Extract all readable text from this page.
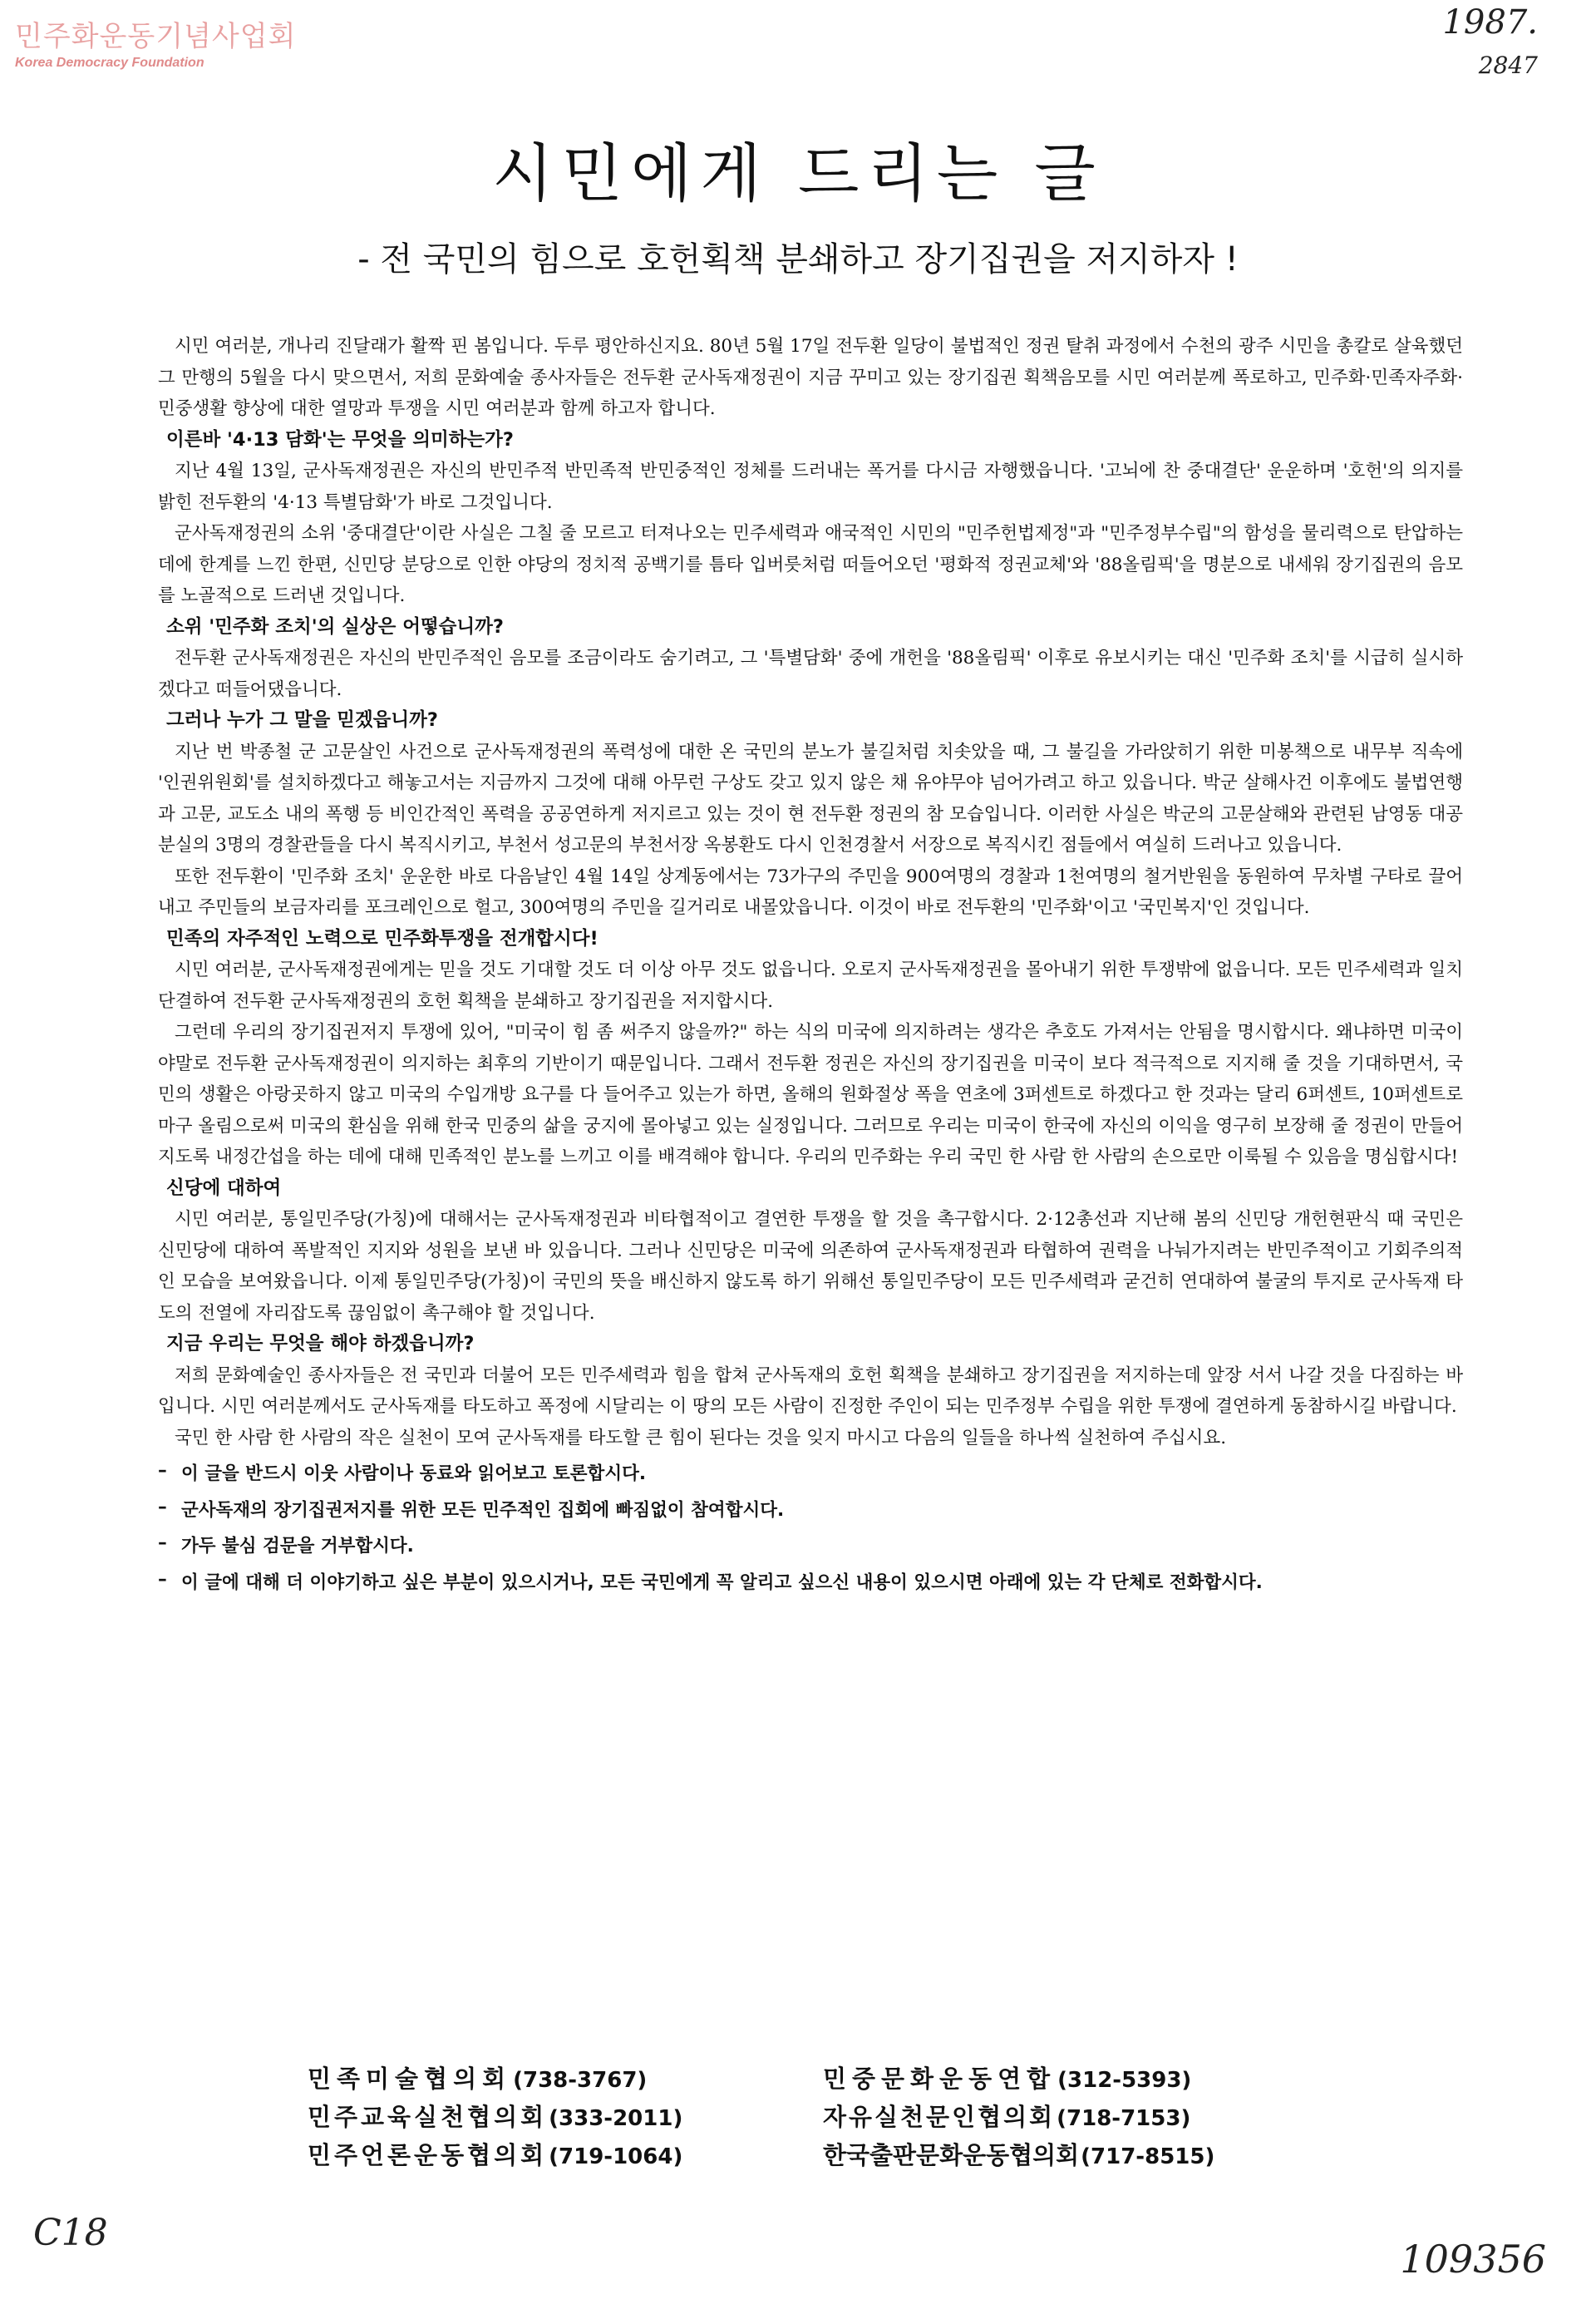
민주화운동기념사업회
Korea Democracy Foundation
1987.
2847
시민에게 드리는 글
- 전 국민의 힘으로 호헌획책 분쇄하고 장기집권을 저지하자 !

시민 여러분, 개나리 진달래가 활짝 핀 봄입니다. 두루 평안하신지요. 80년 5월 17일 전두환 일당이 불법적인 정권 탈취 과정에서 수천의 광주 시민을 총칼로 살육했던 그 만행의 5월을 다시 맞으면서, 저희 문화예술 종사자들은 전두환 군사독재정권이 지금 꾸미고 있는 장기집권 획책음모를 시민 여러분께 폭로하고, 민주화·민족자주화·민중생활 향상에 대한 열망과 투쟁을 시민 여러분과 함께 하고자 합니다.

이른바 '4·13 담화'는 무엇을 의미하는가?

지난 4월 13일, 군사독재정권은 자신의 반민주적 반민족적 반민중적인 정체를 드러내는 폭거를 다시금 자행했읍니다. '고뇌에 찬 중대결단' 운운하며 '호헌'의 의지를 밝힌 전두환의 '4·13 특별담화'가 바로 그것입니다.

군사독재정권의 소위 '중대결단'이란 사실은 그칠 줄 모르고 터져나오는 민주세력과 애국적인 시민의 "민주헌법제정"과 "민주정부수립"의 함성을 물리력으로 탄압하는 데에 한계를 느낀 한편, 신민당 분당으로 인한 야당의 정치적 공백기를 틈타 입버릇처럼 떠들어오던 '평화적 정권교체'와 '88올림픽'을 명분으로 내세워 장기집권의 음모를 노골적으로 드러낸 것입니다.

소위 '민주화 조치'의 실상은 어떻습니까?

전두환 군사독재정권은 자신의 반민주적인 음모를 조금이라도 숨기려고, 그 '특별담화' 중에 개헌을 '88올림픽' 이후로 유보시키는 대신 '민주화 조치'를 시급히 실시하겠다고 떠들어댔읍니다.

그러나 누가 그 말을 믿겠읍니까?

지난 번 박종철 군 고문살인 사건으로 군사독재정권의 폭력성에 대한 온 국민의 분노가 불길처럼 치솟았을 때, 그 불길을 가라앉히기 위한 미봉책으로 내무부 직속에 '인권위원회'를 설치하겠다고 해놓고서는 지금까지 그것에 대해 아무런 구상도 갖고 있지 않은 채 유야무야 넘어가려고 하고 있읍니다. 박군 살해사건 이후에도 불법연행과 고문, 교도소 내의 폭행 등 비인간적인 폭력을 공공연하게 저지르고 있는 것이 현 전두환 정권의 참 모습입니다. 이러한 사실은 박군의 고문살해와 관련된 남영동 대공분실의 3명의 경찰관들을 다시 복직시키고, 부천서 성고문의 부천서장 옥봉환도 다시 인천경찰서 서장으로 복직시킨 점들에서 여실히 드러나고 있읍니다.

또한 전두환이 '민주화 조치' 운운한 바로 다음날인 4월 14일 상계동에서는 73가구의 주민을 900여명의 경찰과 1천여명의 철거반원을 동원하여 무차별 구타로 끌어내고 주민들의 보금자리를 포크레인으로 헐고, 300여명의 주민을 길거리로 내몰았읍니다. 이것이 바로 전두환의 '민주화'이고 '국민복지'인 것입니다.

민족의 자주적인 노력으로 민주화투쟁을 전개합시다!

시민 여러분, 군사독재정권에게는 믿을 것도 기대할 것도 더 이상 아무 것도 없읍니다. 오로지 군사독재정권을 몰아내기 위한 투쟁밖에 없읍니다. 모든 민주세력과 일치단결하여 전두환 군사독재정권의 호헌 획책을 분쇄하고 장기집권을 저지합시다.

그런데 우리의 장기집권저지 투쟁에 있어, "미국이 힘 좀 써주지 않을까?" 하는 식의 미국에 의지하려는 생각은 추호도 가져서는 안됨을 명시합시다. 왜냐하면 미국이야말로 전두환 군사독재정권이 의지하는 최후의 기반이기 때문입니다. 그래서 전두환 정권은 자신의 장기집권을 미국이 보다 적극적으로 지지해 줄 것을 기대하면서, 국민의 생활은 아랑곳하지 않고 미국의 수입개방 요구를 다 들어주고 있는가 하면, 올해의 원화절상 폭을 연초에 3퍼센트로 하겠다고 한 것과는 달리 6퍼센트, 10퍼센트로 마구 올림으로써 미국의 환심을 위해 한국 민중의 삶을 궁지에 몰아넣고 있는 실정입니다. 그러므로 우리는 미국이 한국에 자신의 이익을 영구히 보장해 줄 정권이 만들어지도록 내정간섭을 하는 데에 대해 민족적인 분노를 느끼고 이를 배격해야 합니다. 우리의 민주화는 우리 국민 한 사람 한 사람의 손으로만 이룩될 수 있음을 명심합시다!

신당에 대하여

시민 여러분, 통일민주당(가칭)에 대해서는 군사독재정권과 비타협적이고 결연한 투쟁을 할 것을 촉구합시다. 2·12총선과 지난해 봄의 신민당 개헌현판식 때 국민은 신민당에 대하여 폭발적인 지지와 성원을 보낸 바 있읍니다. 그러나 신민당은 미국에 의존하여 군사독재정권과 타협하여 권력을 나눠가지려는 반민주적이고 기회주의적인 모습을 보여왔읍니다. 이제 통일민주당(가칭)이 국민의 뜻을 배신하지 않도록 하기 위해선 통일민주당이 모든 민주세력과 굳건히 연대하여 불굴의 투지로 군사독재 타도의 전열에 자리잡도록 끊임없이 촉구해야 할 것입니다.

지금 우리는 무엇을 해야 하겠읍니까?

저희 문화예술인 종사자들은 전 국민과 더불어 모든 민주세력과 힘을 합쳐 군사독재의 호헌 획책을 분쇄하고 장기집권을 저지하는데 앞장 서서 나갈 것을 다짐하는 바입니다. 시민 여러분께서도 군사독재를 타도하고 폭정에 시달리는 이 땅의 모든 사람이 진정한 주인이 되는 민주정부 수립을 위한 투쟁에 결연하게 동참하시길 바랍니다.

국민 한 사람 한 사람의 작은 실천이 모여 군사독재를 타도할 큰 힘이 된다는 것을 잊지 마시고 다음의 일들을 하나씩 실천하여 주십시요.

– 이 글을 반드시 이웃 사람이나 동료와 읽어보고 토론합시다.
– 군사독재의 장기집권저지를 위한 모든 민주적인 집회에 빠짐없이 참여합시다.
– 가두 불심 검문을 거부합시다.
– 이 글에 대해 더 이야기하고 싶은 부분이 있으시거나, 모든 국민에게 꼭 알리고 싶으신 내용이 있으시면 아래에 있는 각 단체로 전화합시다.
민족미술협의회(738-3767)	민중문화운동연합(312-5393)
민주교육실천협의회(333-2011)	자유실천문인협의회(718-7153)
민주언론운동협의회(719-1064)	한국출판문화운동협의회(717-8515)
C18
109356
